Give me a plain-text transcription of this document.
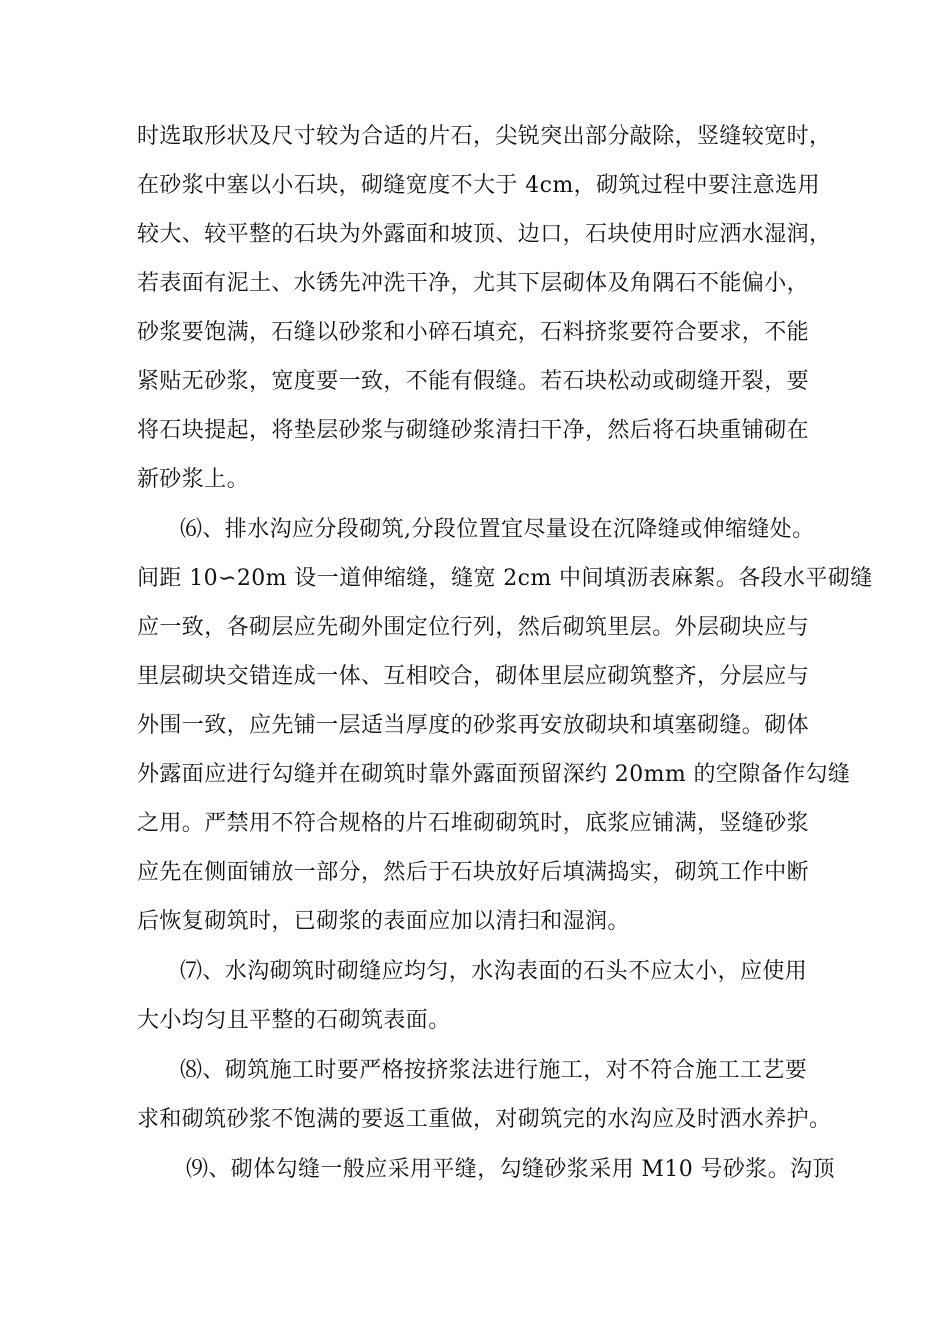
时选取形状及尺寸较为合适的片石，尖锐突出部分敲除，竖缝较宽时，
在砂浆中塞以小石块，砌缝宽度不大于 4cm，砌筑过程中要注意选用
较大、较平整的石块为外露面和坡顶、边口，石块使用时应洒水湿润，
若表面有泥土、水锈先冲洗干净，尤其下层砌体及角隅石不能偏小，
砂浆要饱满，石缝以砂浆和小碎石填充，石料挤浆要符合要求，不能
紧贴无砂浆，宽度要一致，不能有假缝。若石块松动或砌缝开裂，要
将石块提起，将垫层砂浆与砌缝砂浆清扫干净，然后将石块重铺砌在
新砂浆上。
⑹、排水沟应分段砌筑,分段位置宜尽量设在沉降缝或伸缩缝处。
间距 10∽20m 设一道伸缩缝，缝宽 2cm 中间填沥表麻絮。各段水平砌缝
应一致，各砌层应先砌外围定位行列，然后砌筑里层。外层砌块应与
里层砌块交错连成一体、互相咬合，砌体里层应砌筑整齐，分层应与
外围一致，应先铺一层适当厚度的砂浆再安放砌块和填塞砌缝。砌体
外露面应进行勾缝并在砌筑时靠外露面预留深约 20mm 的空隙备作勾缝
之用。严禁用不符合规格的片石堆砌砌筑时，底浆应铺满，竖缝砂浆
应先在侧面铺放一部分，然后于石块放好后填满捣实，砌筑工作中断
后恢复砌筑时，已砌浆的表面应加以清扫和湿润。
⑺、水沟砌筑时砌缝应均匀，水沟表面的石头不应太小，应使用
大小均匀且平整的石砌筑表面。
⑻、砌筑施工时要严格按挤浆法进行施工，对不符合施工工艺要
求和砌筑砂浆不饱满的要返工重做，对砌筑完的水沟应及时洒水养护。
⑼、砌体勾缝一般应采用平缝，勾缝砂浆采用 M10 号砂浆。沟顶
